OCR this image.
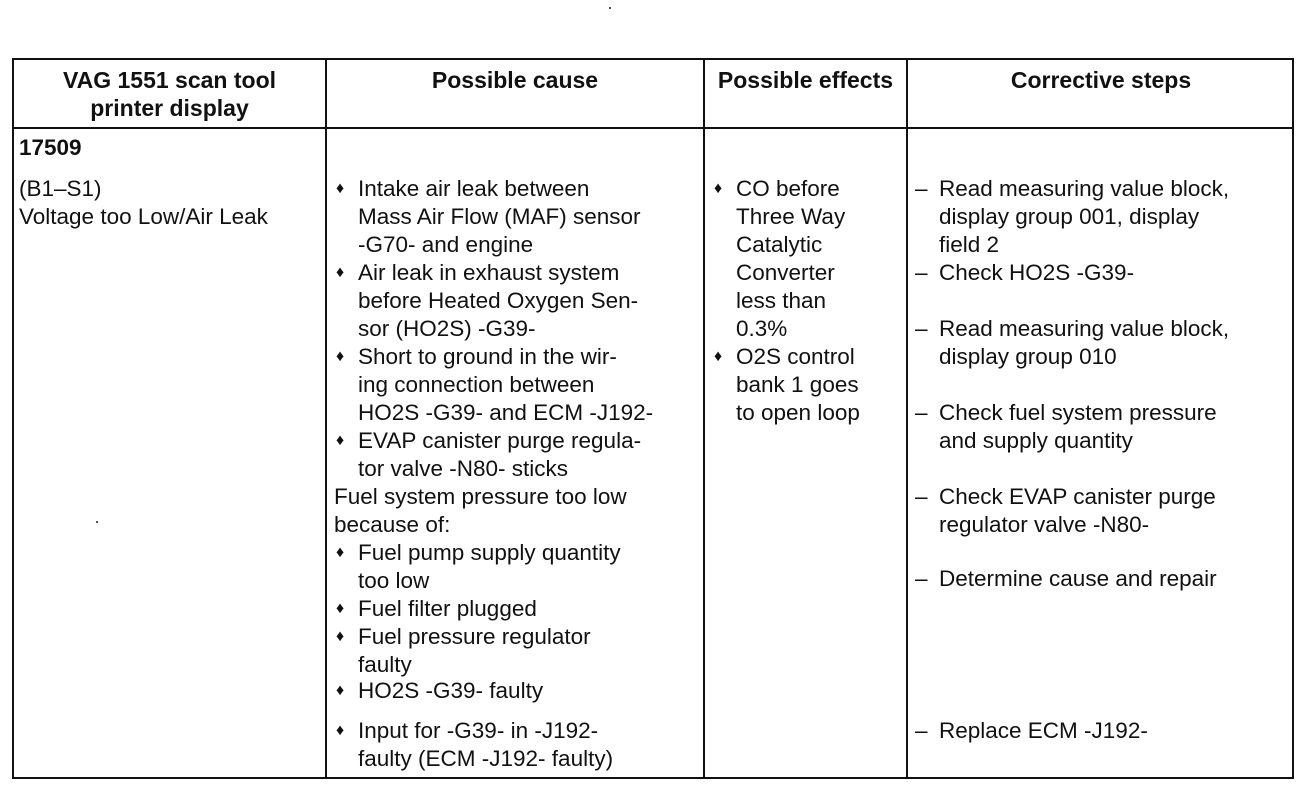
VAG 1551 scan tool
printer display
Possible cause	Possible effects	Corrective steps
17509
(B1–S1)
Voltage too Low/Air Leak
♦ Intake air leak between
Mass Air Flow (MAF) sensor
-G70- and engine
♦ Air leak in exhaust system
before Heated Oxygen Sen-
sor (HO2S) -G39-
♦ Short to ground in the wir-
ing connection between
HO2S -G39- and ECM -J192-
♦ EVAP canister purge regula-
tor valve -N80- sticks
Fuel system pressure too low
because of:
♦ Fuel pump supply quantity
too low
♦ Fuel filter plugged
♦ Fuel pressure regulator
faulty
♦ HO2S -G39- faulty
♦ Input for -G39- in -J192-
faulty (ECM -J192- faulty)
♦ CO before
Three Way
Catalytic
Converter
less than
0.3%
♦ O2S control
bank 1 goes
to open loop
– Read measuring value block,
display group 001, display
field 2
– Check HO2S -G39-
– Read measuring value block,
display group 010
– Check fuel system pressure
and supply quantity
– Check EVAP canister purge
regulator valve -N80-
– Determine cause and repair
– Replace ECM -J192-
